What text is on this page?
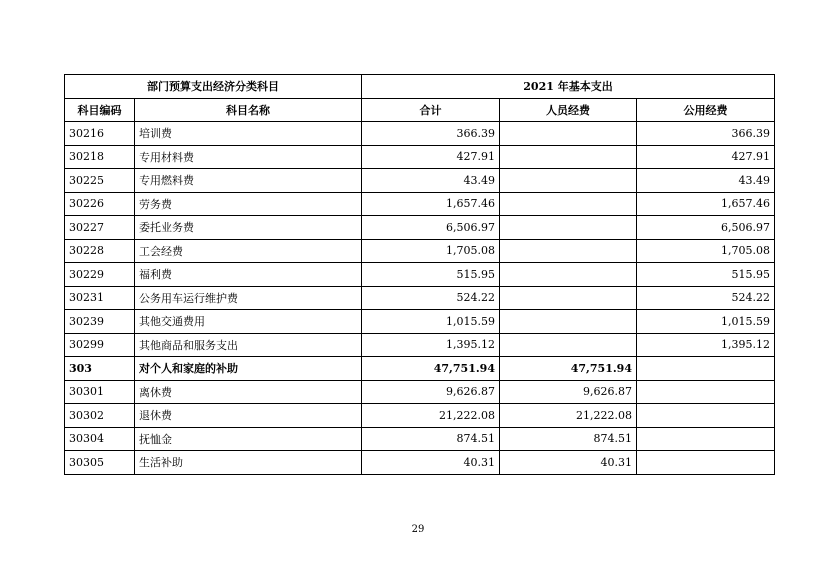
部门预算支出经济分类科目		2021 年基本支出		
科目编码	科目名称	合计	人员经费	公用经费
30216	培训费	366.39		366.39
30218	专用材料费	427.91		427.91
30225	专用燃料费	43.49		43.49
30226	劳务费	1,657.46		1,657.46
30227	委托业务费	6,506.97		6,506.97
30228	工会经费	1,705.08		1,705.08
30229	福利费	515.95		515.95
30231	公务用车运行维护费	524.22		524.22
30239	其他交通费用	1,015.59		1,015.59
30299	其他商品和服务支出	1,395.12		1,395.12
303	对个人和家庭的补助	47,751.94	47,751.94	
30301	离休费	9,626.87	9,626.87	
30302	退休费	21,222.08	21,222.08	
30304	抚恤金	874.51	874.51	
30305	生活补助	40.31	40.31	
29
